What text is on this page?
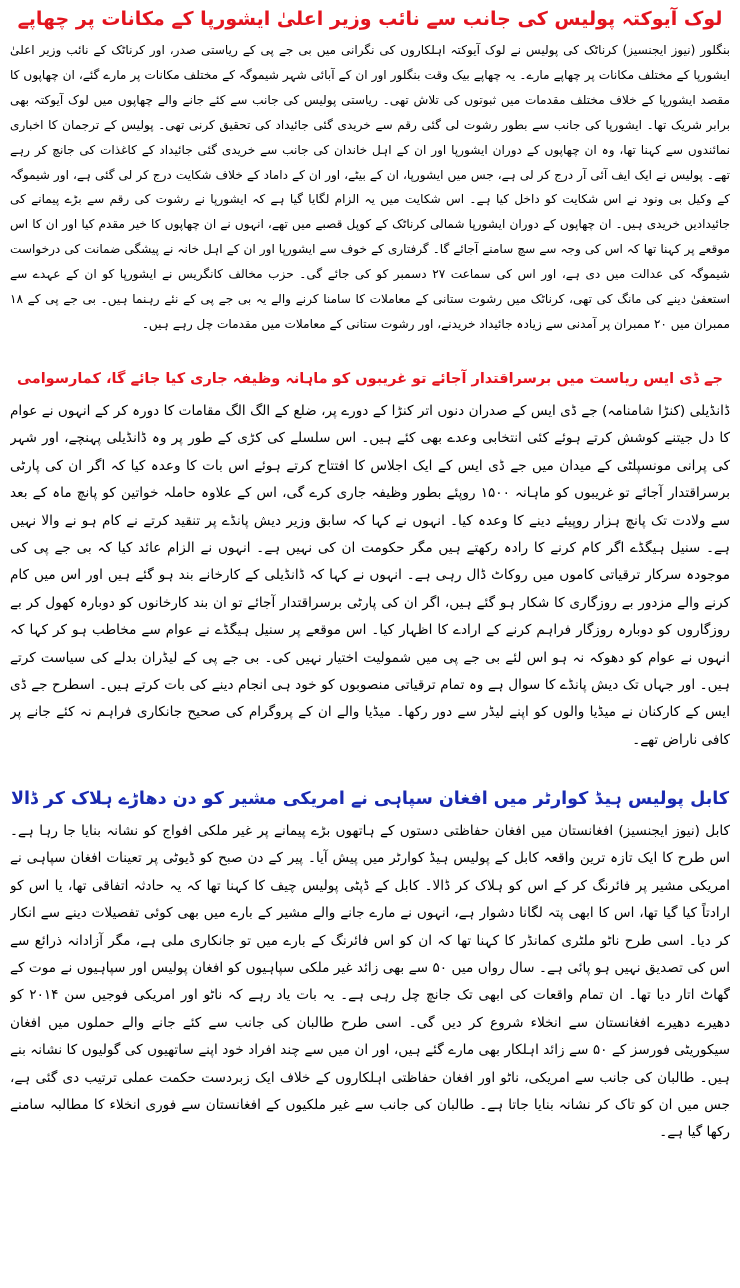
لوک آیوکتہ پولیس کی جانب سے نائب وزیر اعلیٰ ایشورپا کے مکانات پر چھاپے

بنگلور (نیوز ایجنسیز) کرناٹک کی پولیس نے لوک آیوکتہ اہلکاروں کی نگرانی میں بی جے پی کے ریاستی صدر، اور کرناٹک کے نائب وزیر اعلیٰ ایشورپا کے مختلف مکانات پر چھاپے مارے۔ یہ چھاپے بیک وقت بنگلور اور ان کے آبائی شہر شیموگہ کے مختلف مکانات پر مارے گئے، ان چھاپوں کا مقصد ایشورپا کے خلاف مختلف مقدمات میں ثبوتوں کی تلاش تھی۔ ریاستی پولیس کی جانب سے کئے جانے والے چھاپوں میں لوک آیوکتہ بھی برابر شریک تھا۔ ایشورپا کی جانب سے بطور رشوت لی گئی رقم سے خریدی گئی جائیداد کی تحقیق کرنی تھی۔ پولیس کے ترجمان کا اخباری نمائندوں سے کہنا تھا، وہ ان چھاپوں کے دوران ایشورپا اور ان کے اہل خاندان کی جانب سے خریدی گئی جائیداد کے کاغذات کی جانچ کر رہے تھے۔ پولیس نے ایک ایف آئی آر درج کر لی ہے، جس میں ایشورپا، ان کے بیٹے، اور ان کے داماد کے خلاف شکایت درج کر لی گئی ہے، اور شیموگہ کے وکیل بی ونود نے اس شکایت کو داخل کیا ہے۔ اس شکایت میں یہ الزام لگایا گیا ہے کہ ایشورپا نے رشوت کی رقم سے بڑے پیمانے کی جائیدادیں خریدی ہیں۔ ان چھاپوں کے دوران ایشورپا شمالی کرناٹک کے کوپل قصبے میں تھے، انہوں نے ان چھاپوں کا خیر مقدم کیا اور ان کا اس موقعے پر کہنا تھا کہ اس کی وجہ سے سچ سامنے آجائے گا۔ گرفتاری کے خوف سے ایشورپا اور ان کے اہل خانہ نے پیشگی ضمانت کی درخواست شیموگہ کی عدالت میں دی ہے، اور اس کی سماعت ۲۷ دسمبر کو کی جائے گی۔ حزب مخالف کانگریس نے ایشورپا کو ان کے عہدے سے استعفیٰ دینے کی مانگ کی تھی، کرناٹک میں رشوت ستانی کے معاملات کا سامنا کرنے والے یہ بی جے پی کے نئے رہنما ہیں۔ بی جے پی کے ۱۸ ممبران میں ۲۰ ممبران پر آمدنی سے زیادہ جائیداد خریدنے، اور رشوت ستانی کے معاملات میں مقدمات چل رہے ہیں۔

جے ڈی ایس ریاست میں برسراقتدار آجائے تو غریبوں کو ماہانہ وظیفہ جاری کیا جائے گا، کمارسوامی

ڈانڈیلی (کنڑا شامنامہ) جے ڈی ایس کے صدران دنوں اتر کنڑا کے دورے پر، ضلع کے الگ الگ مقامات کا دورہ کر کے انہوں نے عوام کا دل جیتنے کوشش کرتے ہوئے کئی انتخابی وعدے بھی کئے ہیں۔ اس سلسلے کی کڑی کے طور پر وہ ڈانڈیلی پہنچے، اور شہر کی پرانی مونسپلٹی کے میدان میں جے ڈی ایس کے ایک اجلاس کا افتتاح کرتے ہوئے اس بات کا وعدہ کیا کہ اگر ان کی پارٹی برسراقتدار آجائے تو غریبوں کو ماہانہ ۱۵۰۰ روپئے بطور وظیفہ جاری کرے گی، اس کے علاوہ حاملہ خواتین کو پانچ ماہ کے بعد سے ولادت تک پانچ ہزار روپیئے دینے کا وعدہ کیا۔ انہوں نے کہا کہ سابق وزیر دیش پانڈے پر تنقید کرتے نے کام ہو نے والا نہیں ہے۔ سنیل ہیگڈے اگر کام کرنے کا رادہ رکھتے ہیں مگر حکومت ان کی نہیں ہے۔ انہوں نے الزام عائد کیا کہ بی جے پی کی موجودہ سرکار ترقیاتی کاموں میں روکاٹ ڈال رہی ہے۔ انہوں نے کہا کہ ڈانڈیلی کے کارخانے بند ہو گئے ہیں اور اس میں کام کرنے والے مزدور بے روزگاری کا شکار ہو گئے ہیں، اگر ان کی پارٹی برسراقتدار آجائے تو ان بند کارخانوں کو دوبارہ کھول کر بے روزگاروں کو دوبارہ روزگار فراہم کرنے کے ارادے کا اظہار کیا۔ اس موقعے پر سنیل ہیگڈے نے عوام سے مخاطب ہو کر کہا کہ انہوں نے عوام کو دھوکہ نہ ہو اس لئے بی جے پی میں شمولیت اختیار نہیں کی۔ بی جے پی کے لیڈران بدلے کی سیاست کرتے ہیں۔ اور جہاں تک دیش پانڈے کا سوال ہے وہ تمام ترقیاتی منصوبوں کو خود ہی انجام دینے کی بات کرتے ہیں۔ اسطرح جے ڈی ایس کے کارکنان نے میڈیا والوں کو اپنے لیڈر سے دور رکھا۔ میڈیا والے ان کے پروگرام کی صحیح جانکاری فراہم نہ کئے جانے پر کافی ناراض تھے۔

کابل پولیس ہیڈ کوارٹر میں افغان سپاہی نے امریکی مشیر کو دن دھاڑے ہلاک کر ڈالا

کابل (نیوز ایجنسیز) افغانستان میں افغان حفاظتی دستوں کے ہاتھوں بڑے پیمانے پر غیر ملکی افواج کو نشانہ بنایا جا رہا ہے۔ اس طرح کا ایک تازہ ترین واقعہ کابل کے پولیس ہیڈ کوارٹر میں پیش آیا۔ پیر کے دن صبح کو ڈیوٹی پر تعینات افغان سپاہی نے امریکی مشیر پر فائرنگ کر کے اس کو ہلاک کر ڈالا۔ کابل کے ڈپٹی پولیس چیف کا کہنا تھا کہ یہ حادثہ اتفاقی تھا، یا اس کو ارادتاً کیا گیا تھا، اس کا ابھی پتہ لگانا دشوار ہے، انہوں نے مارے جانے والے مشیر کے بارے میں بھی کوئی تفصیلات دینے سے انکار کر دیا۔ اسی طرح ناٹو ملٹری کمانڈر کا کہنا تھا کہ ان کو اس فائرنگ کے بارے میں تو جانکاری ملی ہے، مگر آزادانہ ذرائع سے اس کی تصدیق نہیں ہو پائی ہے۔ سال رواں میں ۵۰ سے بھی زائد غیر ملکی سپاہیوں کو افغان پولیس اور سپاہیوں نے موت کے گھاٹ اتار دیا تھا۔ ان تمام واقعات کی ابھی تک جانچ چل رہی ہے۔ یہ بات یاد رہے کہ ناٹو اور امریکی فوجیں سن ۲۰۱۴ کو دھیرے دھیرے افغانستان سے انخلاء شروع کر دیں گی۔ اسی طرح طالبان کی جانب سے کئے جانے والے حملوں میں افغان سیکوریٹی فورسز کے ۵۰ سے زائد اہلکار بھی مارے گئے ہیں، اور ان میں سے چند افراد خود اپنے ساتھیوں کی گولیوں کا نشانہ بنے ہیں۔ طالبان کی جانب سے امریکی، ناٹو اور افغان حفاظتی اہلکاروں کے خلاف ایک زبردست حکمت عملی ترتیب دی گئی ہے، جس میں ان کو تاک کر نشانہ بنایا جاتا ہے۔ طالبان کی جانب سے غیر ملکیوں کے افغانستان سے فوری انخلاء کا مطالبہ سامنے رکھا گیا ہے۔
